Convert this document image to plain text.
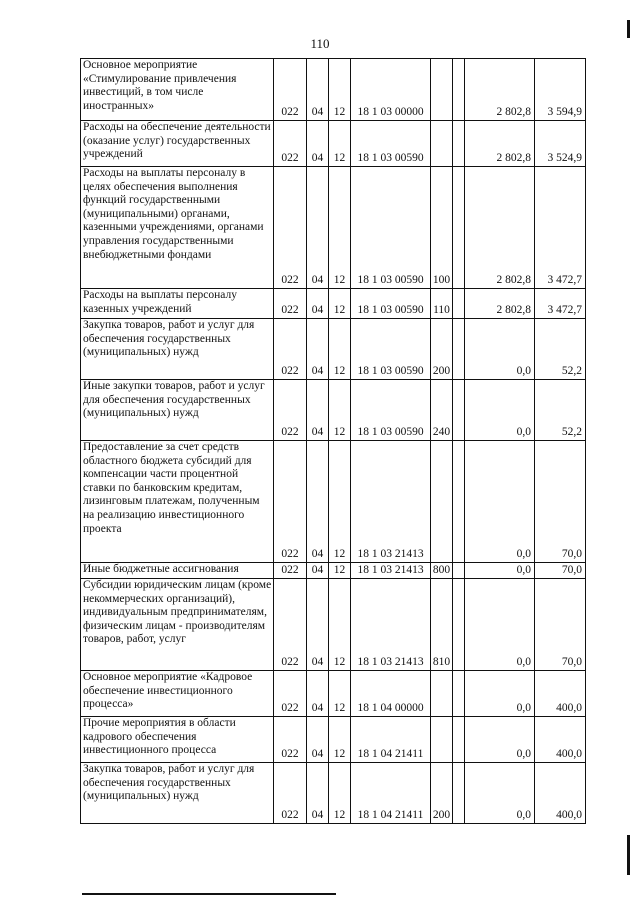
110
Основное мероприятие «Стимулирование привлечения инвестиций, в том числе иностранных»	022	04	12	18 1 03 00000			2 802,8	3 594,9
Расходы на обеспечение деятельности (оказание услуг) государственных учреждений	022	04	12	18 1 03 00590			2 802,8	3 524,9
Расходы на выплаты персоналу в целях обеспечения выполнения функций государственными (муниципальными) органами, казенными учреждениями, органами управления государственными внебюджетными фондами	022	04	12	18 1 03 00590	100		2 802,8	3 472,7
Расходы на выплаты персоналу казенных учреждений	022	04	12	18 1 03 00590	110		2 802,8	3 472,7
Закупка товаров, работ и услуг для обеспечения государственных (муниципальных) нужд	022	04	12	18 1 03 00590	200		0,0	52,2
Иные закупки товаров, работ и услуг для обеспечения государственных (муниципальных) нужд	022	04	12	18 1 03 00590	240		0,0	52,2
Предоставление за счет средств областного бюджета субсидий для компенсации части процентной ставки по банковским кредитам, лизинговым платежам, полученным на реализацию инвестиционного проекта	022	04	12	18 1 03 21413			0,0	70,0
Иные бюджетные ассигнования	022	04	12	18 1 03 21413	800		0,0	70,0
Субсидии юридическим лицам (кроме некоммерческих организаций), индивидуальным предпринимателям, физическим лицам - производителям товаров, работ, услуг	022	04	12	18 1 03 21413	810		0,0	70,0
Основное мероприятие «Кадровое обеспечение инвестиционного процесса»	022	04	12	18 1 04 00000			0,0	400,0
Прочие мероприятия в области кадрового обеспечения инвестиционного процесса	022	04	12	18 1 04 21411			0,0	400,0
Закупка товаров, работ и услуг для обеспечения государственных (муниципальных) нужд	022	04	12	18 1 04 21411	200		0,0	400,0
